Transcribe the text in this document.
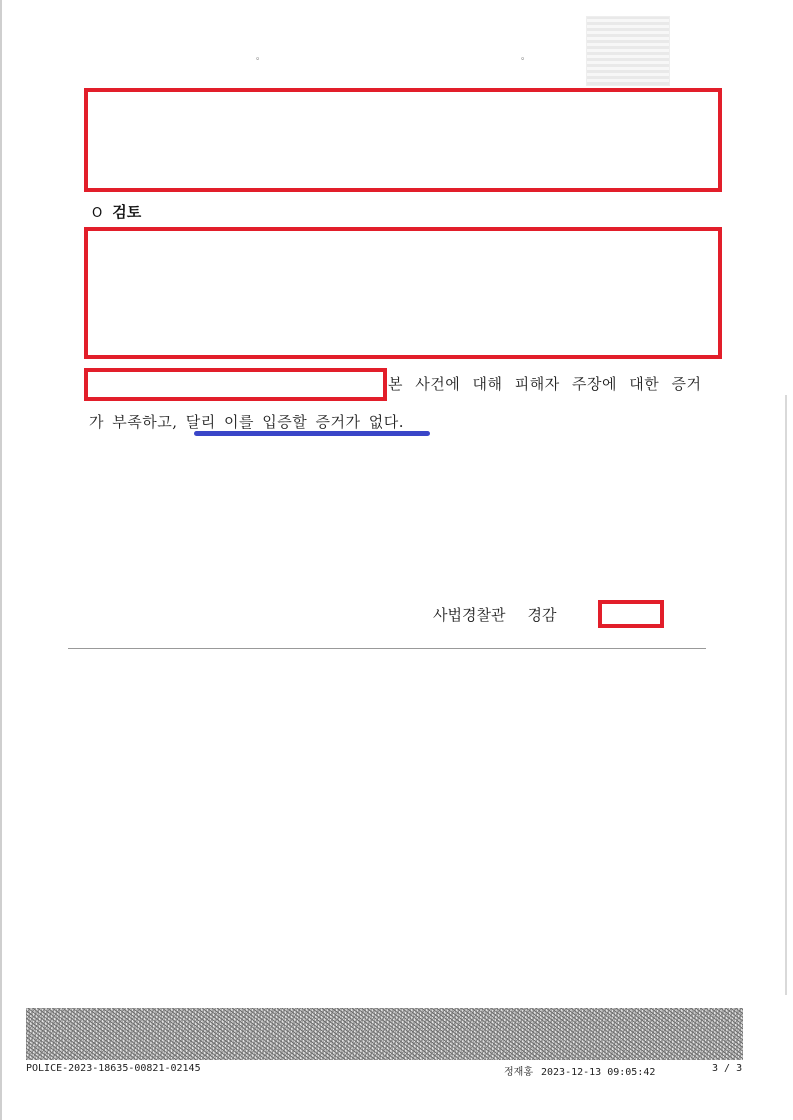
。	。
O 검토
본 사건에 대해 피해자 주장에 대한 증거
가 부족하고, 달리 이를 입증할 증거가 없다.
사법경찰관 경감
POLICE-2023-18635-00821-02145	정재홍 2023-12-13 09:05:42	3 / 3
